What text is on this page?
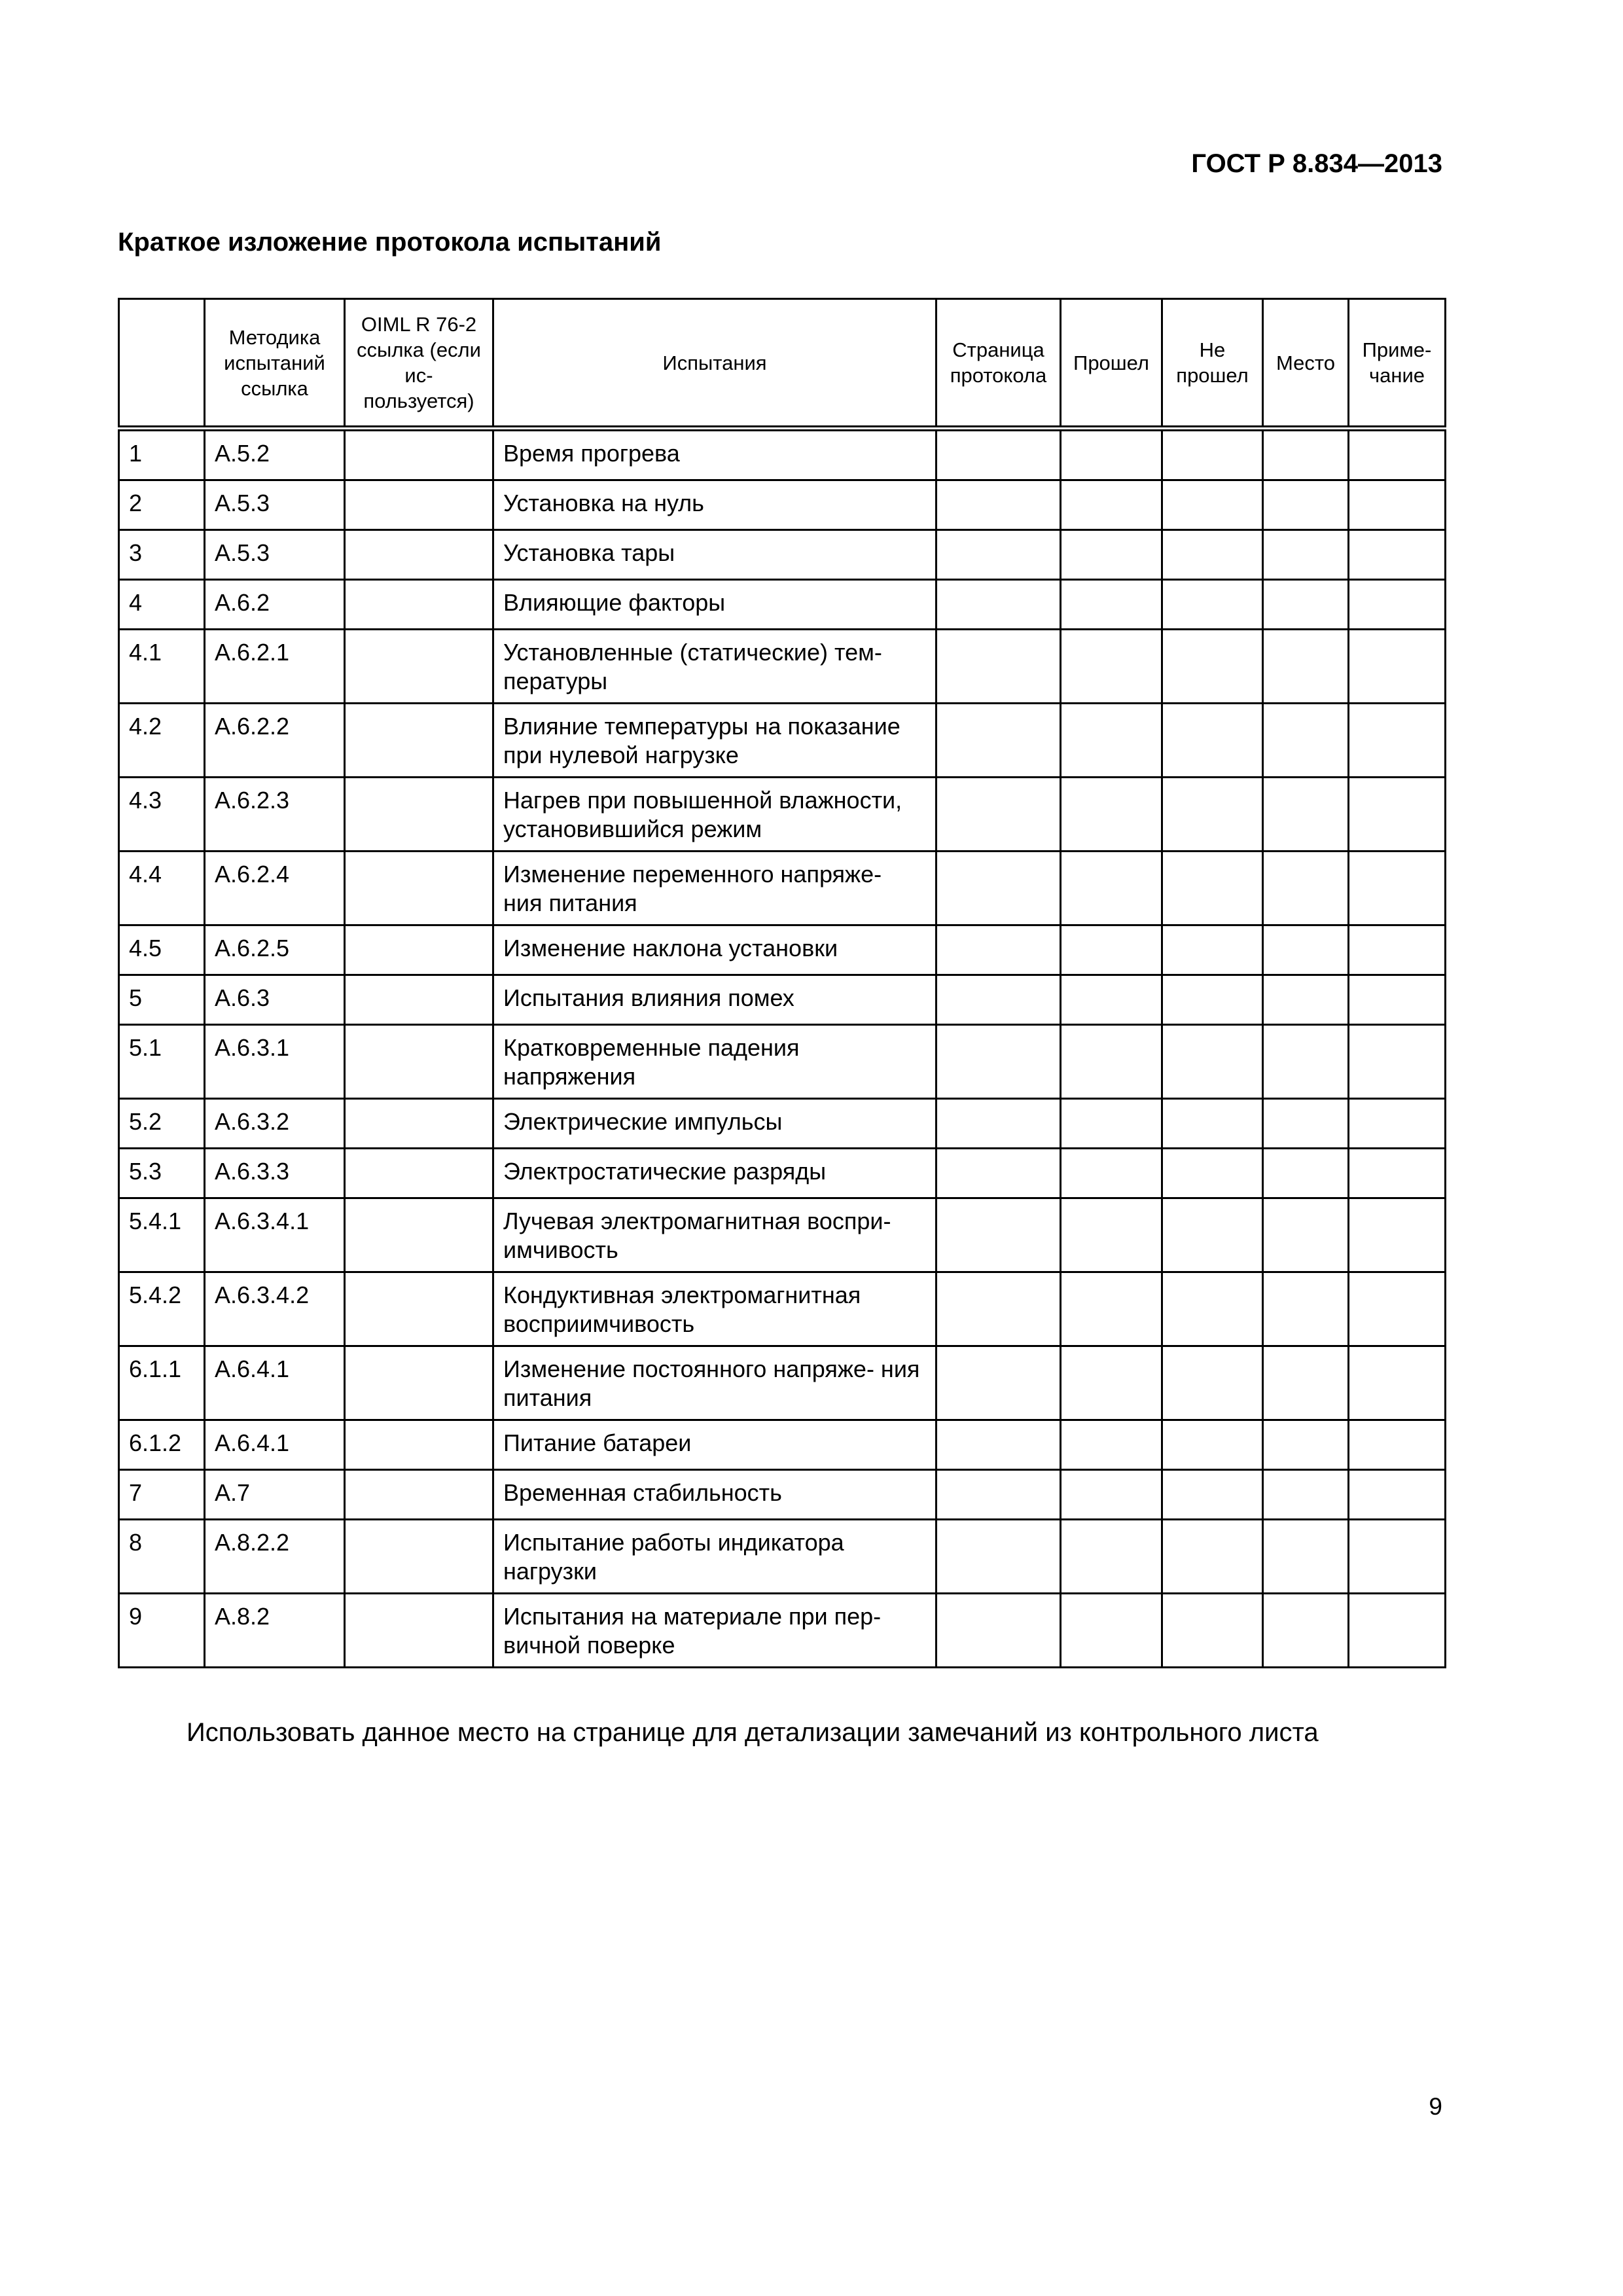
ГОСТ Р 8.834—2013
Краткое изложение протокола испытаний
	Методика испытаний ссылка	OIML R 76-2 ссылка (если ис- пользуется)	Испытания	Страница протокола	Прошел	Не прошел	Место	Приме- чание
1	А.5.2		Время прогрева					
2	А.5.3		Установка на нуль					
3	А.5.3		Установка тары					
4	А.6.2		Влияющие факторы					
4.1	А.6.2.1		Установленные (статические) тем- пературы					
4.2	А.6.2.2		Влияние температуры на показание при нулевой нагрузке					
4.3	А.6.2.3		Нагрев при повышенной влажности, установившийся режим					
4.4	А.6.2.4		Изменение переменного напряже- ния питания					
4.5	А.6.2.5		Изменение наклона установки					
5	А.6.3		Испытания влияния помех					
5.1	А.6.3.1		Кратковременные падения напряжения					
5.2	А.6.3.2		Электрические импульсы					
5.3	А.6.3.3		Электростатические разряды					
5.4.1	А.6.3.4.1		Лучевая электромагнитная воспри- имчивость					
5.4.2	А.6.3.4.2		Кондуктивная электромагнитная восприимчивость					
6.1.1	А.6.4.1		Изменение постоянного напряже- ния питания					
6.1.2	А.6.4.1		Питание батареи					
7	А.7		Временная стабильность					
8	А.8.2.2		Испытание работы индикатора нагрузки					
9	А.8.2		Испытания на материале при пер- вичной поверке					
Использовать данное место на странице для детализации замечаний из контрольного листа
9
